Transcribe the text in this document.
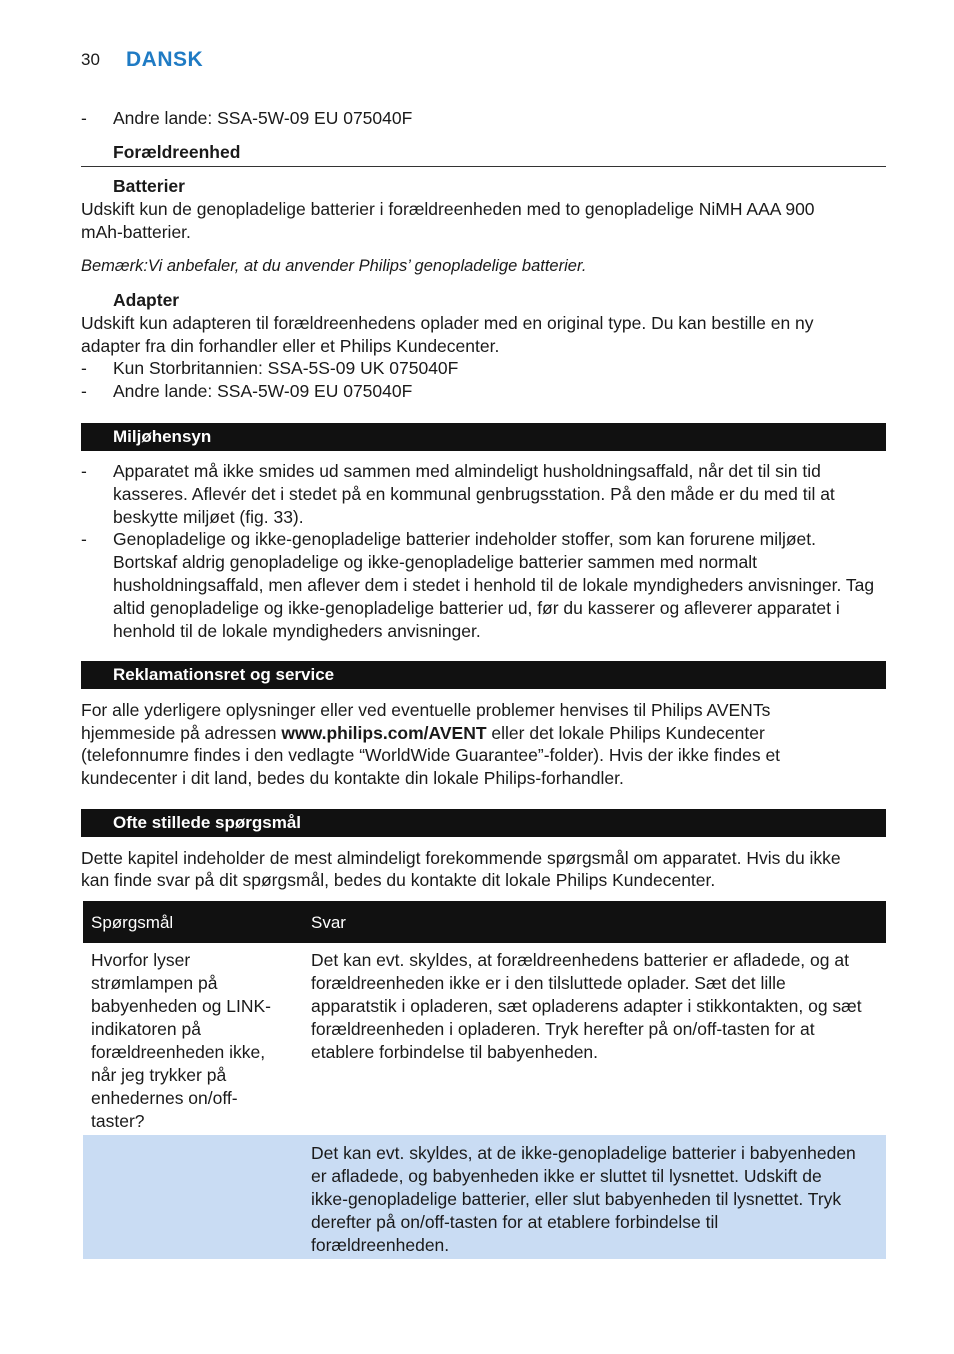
30 DANSK
- Andre lande: SSA-5W-09 EU 075040F
Forældreenhed
Batterier
Udskift kun de genopladelige batterier i forældreenheden med to genopladelige NiMH AAA 900
mAh-batterier.
Bemærk:Vi anbefaler, at du anvender Philips’ genopladelige batterier.
Adapter
Udskift kun adapteren til forældreenhedens oplader med en original type. Du kan bestille en ny
adapter fra din forhandler eller et Philips Kundecenter.
- Kun Storbritannien: SSA-5S-09 UK 075040F
- Andre lande: SSA-5W-09 EU 075040F
Miljøhensyn
- Apparatet må ikke smides ud sammen med almindeligt husholdningsaffald, når det til sin tid
kasseres. Aflevér det i stedet på en kommunal genbrugsstation. På den måde er du med til at
beskytte miljøet (fig. 33).
- Genopladelige og ikke-genopladelige batterier indeholder stoffer, som kan forurene miljøet.
Bortskaf aldrig genopladelige og ikke-genopladelige batterier sammen med normalt
husholdningsaffald, men aflever dem i stedet i henhold til de lokale myndigheders anvisninger. Tag
altid genopladelige og ikke-genopladelige batterier ud, før du kasserer og afleverer apparatet i
henhold til de lokale myndigheders anvisninger.
Reklamationsret og service
For alle yderligere oplysninger eller ved eventuelle problemer henvises til Philips AVENTs
hjemmeside på adressen www.philips.com/AVENT eller det lokale Philips Kundecenter
(telefonnumre findes i den vedlagte “WorldWide Guarantee”-folder). Hvis der ikke findes et
kundecenter i dit land, bedes du kontakte din lokale Philips-forhandler.
Ofte stillede spørgsmål
Dette kapitel indeholder de mest almindeligt forekommende spørgsmål om apparatet. Hvis du ikke
kan finde svar på dit spørgsmål, bedes du kontakte dit lokale Philips Kundecenter.
Spørgsmål	Svar
Hvorfor lyser
strømlampen på
babyenheden og LINK-
indikatoren på
forældreenheden ikke,
når jeg trykker på
enhedernes on/off-
taster?
Det kan evt. skyldes, at forældreenhedens batterier er afladede, og at
forældreenheden ikke er i den tilsluttede oplader. Sæt det lille
apparatstik i opladeren, sæt opladerens adapter i stikkontakten, og sæt
forældreenheden i opladeren. Tryk herefter på on/off-tasten for at
etablere forbindelse til babyenheden.
Det kan evt. skyldes, at de ikke-genopladelige batterier i babyenheden
er afladede, og babyenheden ikke er sluttet til lysnettet. Udskift de
ikke-genopladelige batterier, eller slut babyenheden til lysnettet. Tryk
derefter på on/off-tasten for at etablere forbindelse til
forældreenheden.
